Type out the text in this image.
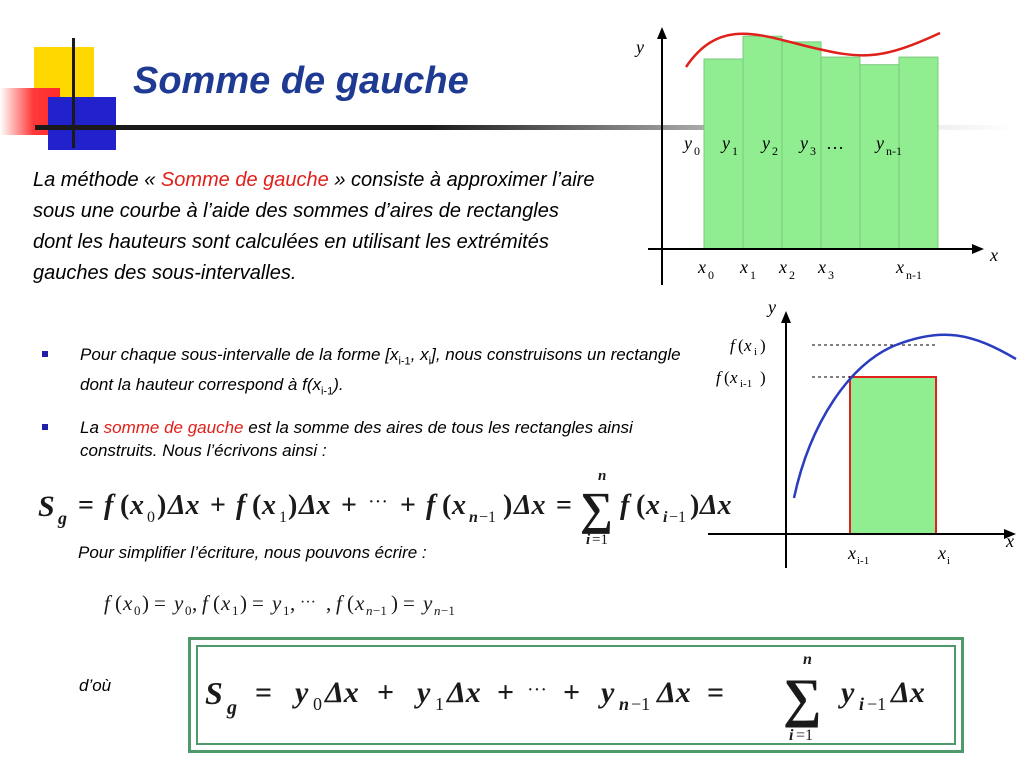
Somme de gauche
La méthode « Somme de gauche » consiste à approximer l’aire sous une courbe à l’aide des sommes d’aires de rectangles dont les hauteurs sont calculées en utilisant les extrémités gauches des sous-intervalles.
Pour chaque sous-intervalle de la forme [$x_{i-1}$, $x_i$], nous construisons un rectangle dont la hauteur correspond à $f(x_{i-1})$.
La somme de gauche est la somme des aires de tous les rectangles ainsi construits. Nous l’écrivons ainsi :
S g = f ( x 0 ) Δx + f ( x 1 ) Δx + ··· + f ( x n −1 ) Δx =
n
∑
i =1
f ( x i −1 ) Δx
Pour simplifier l’écriture, nous pouvons écrire :
f ( x 0 ) = y 0 , f ( x 1 ) = y 1 , ··· , f ( x n −1 ) = y n −1
d’où	S g = y 0 Δx + y 1 Δx + ··· + y n −1 Δx =
n
∑
i =1
y i −1 Δx
y
x
y 0 y 1 y 2 y 3 … y n-1
x 0 x 1 x 2 x 3	x n-1
y
x
f ( x i )
f ( x i-1 )
x i-1	x i
